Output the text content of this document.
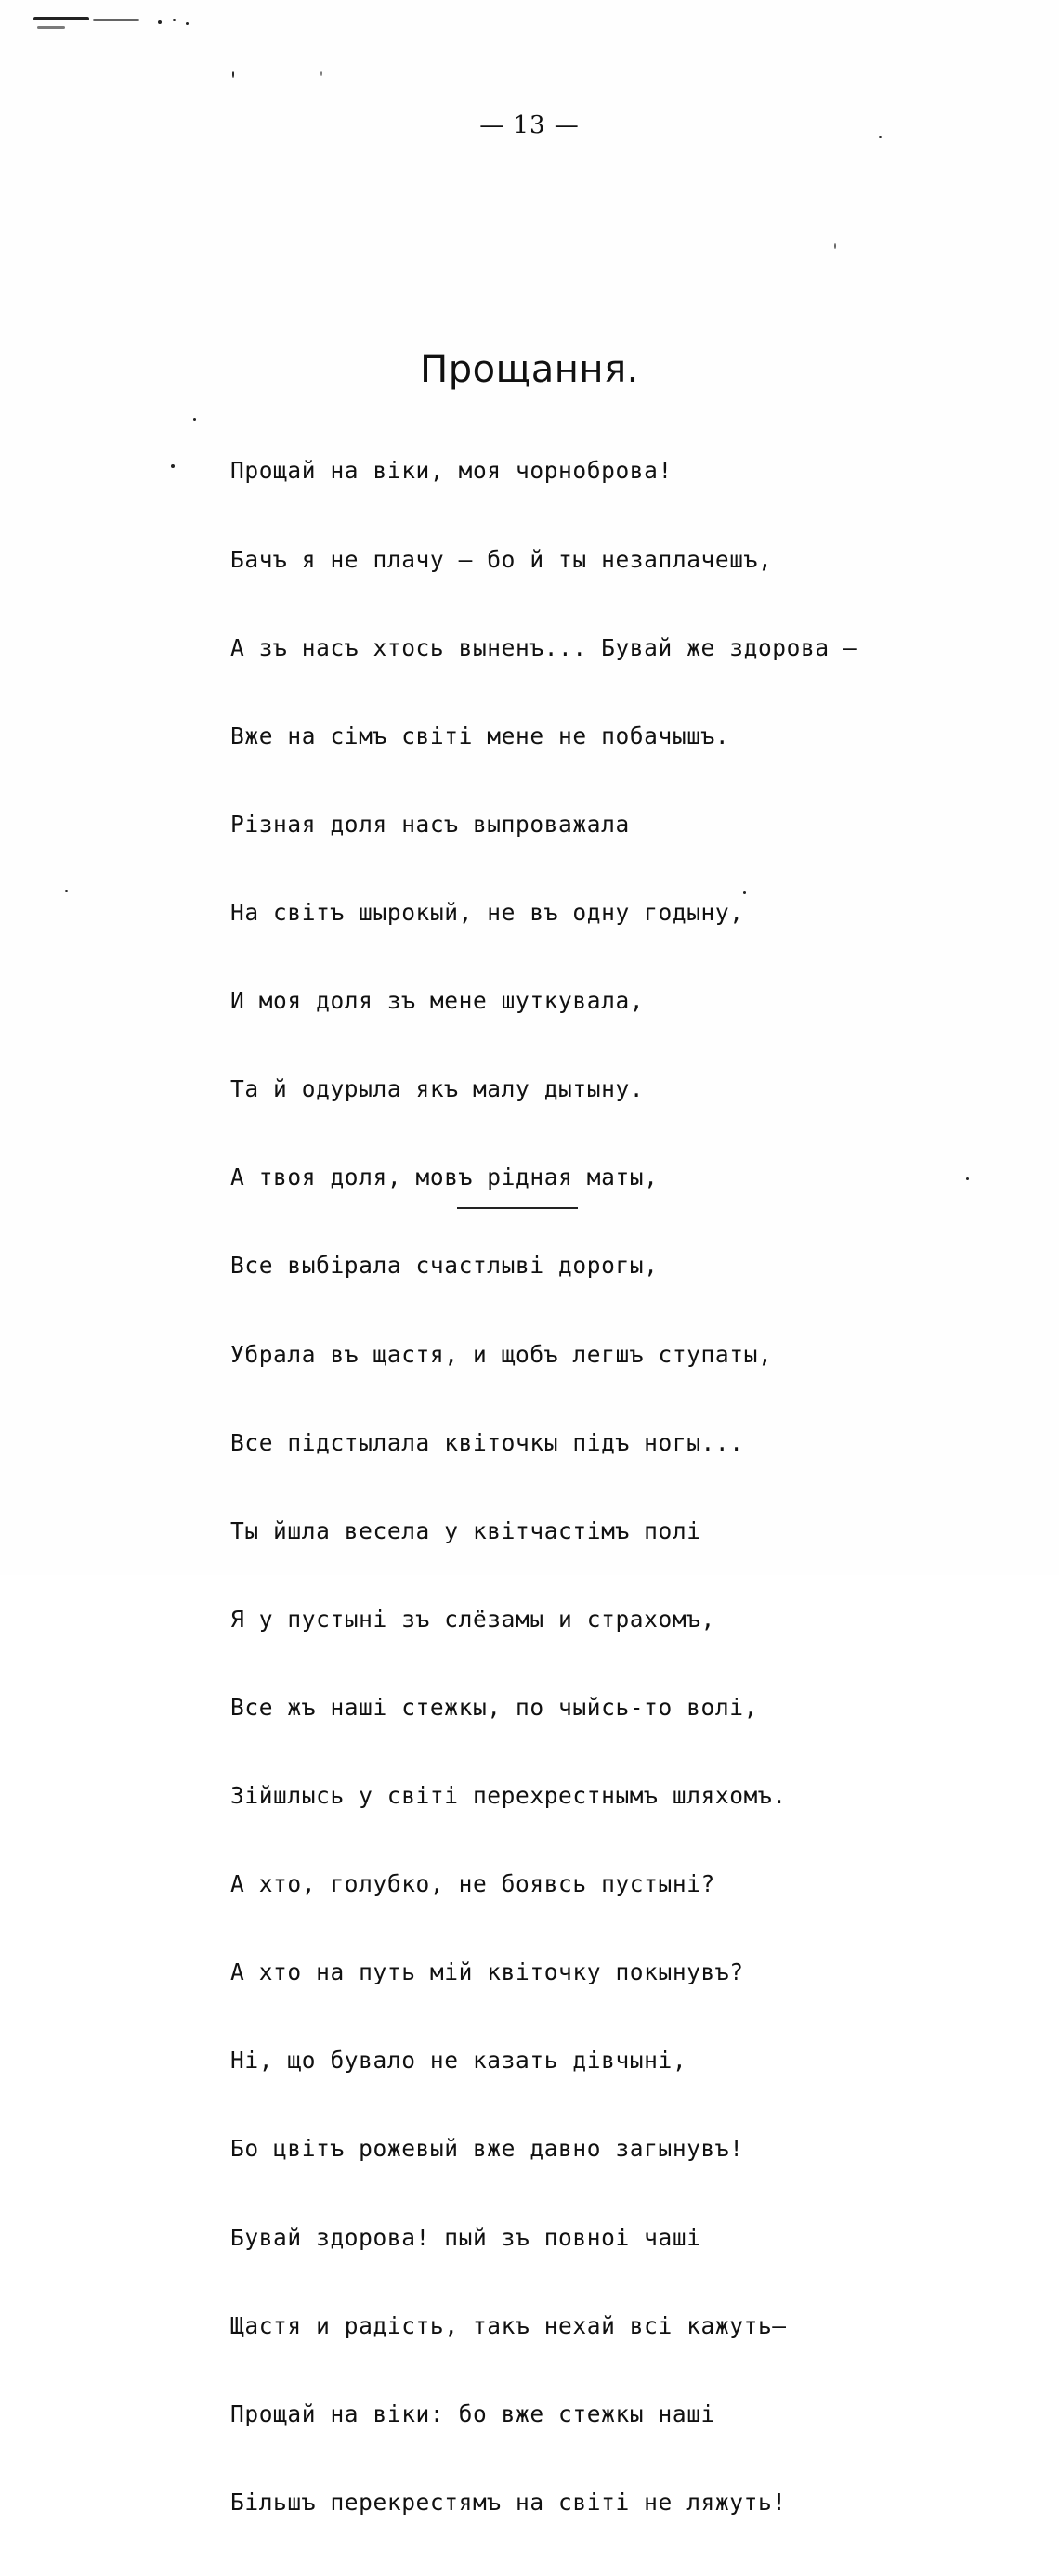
— 13 —
Прощання.

Прощай на віки, моя чорноброва!

Бачъ я не плачу — бо й ты незаплачешъ,

А зъ насъ хтось выненъ... Бувай же здорова —

Вже на сімъ світі мене не побачышъ.

Різная доля насъ выпроважала

На світъ шырокый, не въ одну годыну,

И моя доля зъ мене шуткувала,

Та й одурыла якъ малу дытыну.

А твоя доля, мовъ рідная маты,

Все выбірала счастлыві дорогы,

Убрала въ щастя, и щобъ легшъ ступаты,

Все підстылала квіточкы підъ ногы...

Ты йшла весела у квітчастімъ полі

Я у пустыні зъ слёзамы и страхомъ,

Все жъ наші стежкы, по чыйсь-то волі,

Зійшлысь у світі перехрестнымъ шляхомъ.

А хто, голубко, не боявсь пустыні?

А хто на путь мій квіточку покынувъ?

Ні, що бувало не казать дівчыні,

Бо цвітъ рожевый вже давно загынувъ!

Бувай здорова! пый зъ повноі чаші

Щастя и радість, такъ нехай всі кажуть—

Прощай на віки: бо вже стежкы наші

Більшъ перекрестямъ на світі не ляжуть!
